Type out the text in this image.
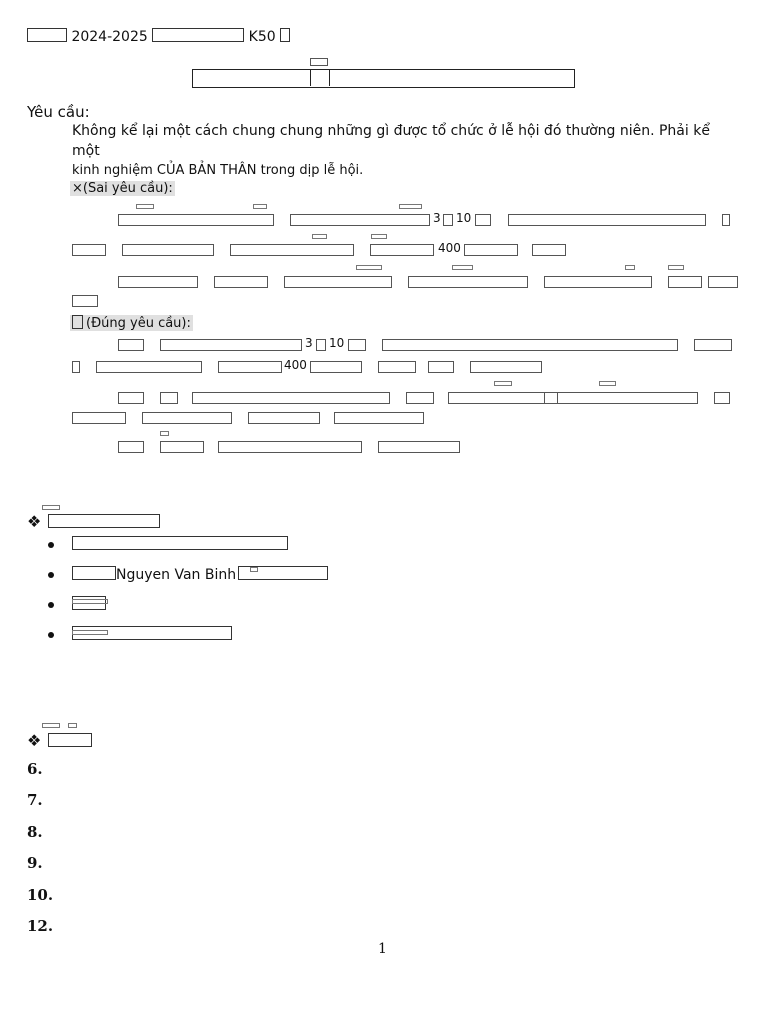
2024-2025	K50
Yêu cầu:
Không kể lại một cách chung chung những gì được tổ chức ở lễ hội đó thường niên. Phải kể một
kinh nghiệm CỦA BẢN THÂN trong dịp lễ hội.
×(Sai yêu cầu):
3 10
400
(Đúng yêu cầu):
3 10
400
❖
Nguyen Van Binh
❖
6.
7.
8.
9.
10.
12.
1
